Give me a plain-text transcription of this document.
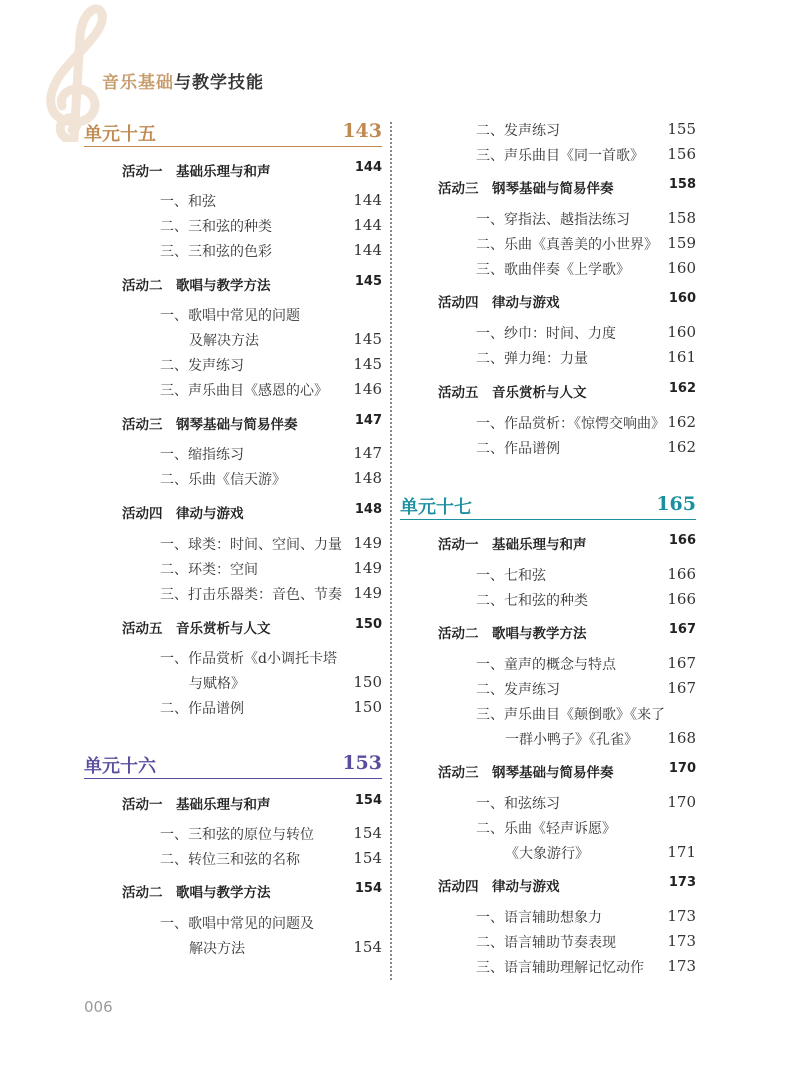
音乐基础与教学技能
单元十五	143
活动一　基础乐理与和声	144
一、和弦	144
二、三和弦的种类	144
三、三和弦的色彩	144
活动二　歌唱与教学方法	145
一、歌唱中常见的问题
及解决方法	145
二、发声练习	145
三、声乐曲目《感恩的心》 146
活动三　钢琴基础与简易伴奏	147
一、缩指练习	147
二、乐曲《信天游》	148
活动四　律动与游戏	148
一、球类：时间、空间、力量 149
二、环类：空间	149
三、打击乐器类：音色、节奏 149
活动五　音乐赏析与人文	150
一、作品赏析《d小调托卡塔
与赋格》	150
二、作品谱例	150
单元十六	153
活动一　基础乐理与和声	154
一、三和弦的原位与转位	154
二、转位三和弦的名称	154
活动二　歌唱与教学方法	154
一、歌唱中常见的问题及
解决方法	154
二、发声练习	155
三、声乐曲目《同一首歌》 156
活动三　钢琴基础与简易伴奏	158
一、穿指法、越指法练习 158
二、乐曲《真善美的小世界》 159
三、歌曲伴奏《上学歌》 160
活动四　律动与游戏	160
一、纱巾：时间、力度	160
二、弹力绳：力量	161
活动五　音乐赏析与人文	162
一、作品赏析：《惊愕交响曲》 162
二、作品谱例	162
单元十七	165
活动一　基础乐理与和声	166
一、七和弦	166
二、七和弦的种类	166
活动二　歌唱与教学方法	167
一、童声的概念与特点	167
二、发声练习	167
三、声乐曲目《颠倒歌》《来了
一群小鸭子》《孔雀》 168
活动三　钢琴基础与简易伴奏	170
一、和弦练习	170
二、乐曲《轻声诉愿》
《大象游行》	171
活动四　律动与游戏	173
一、语言辅助想象力	173
二、语言辅助节奏表现	173
三、语言辅助理解记忆动作 173
006
